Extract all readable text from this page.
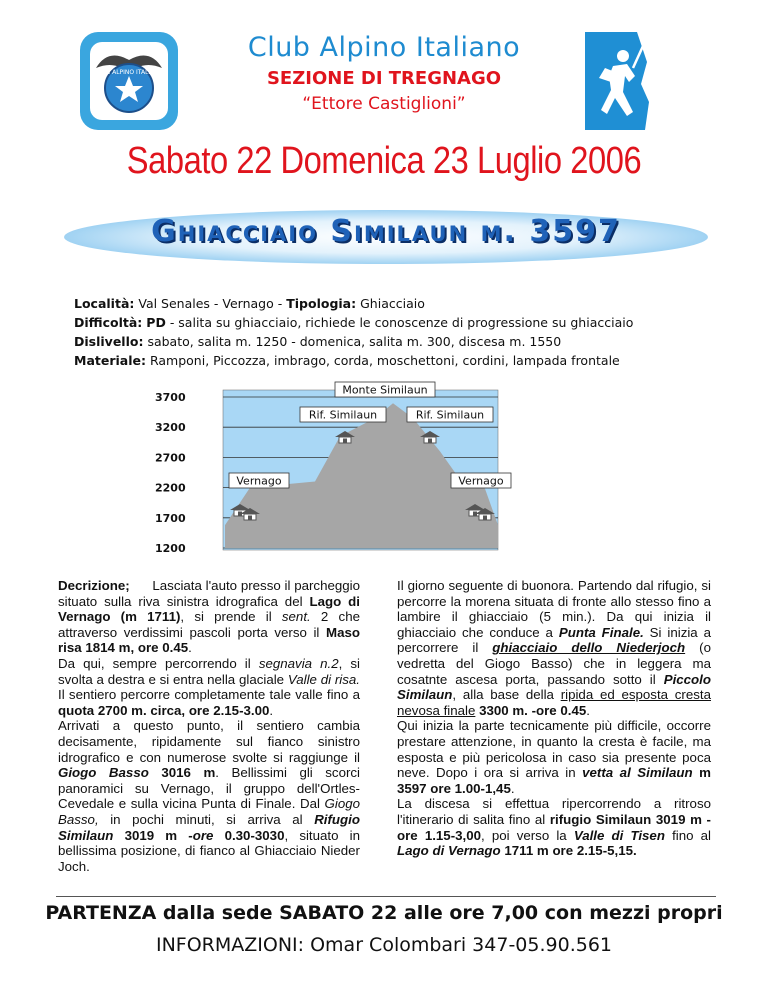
CLUB ALPINO ITALIANO
Club Alpino Italiano
SEZIONE DI TREGNAGO
“Ettore Castiglioni”
Sabato 22 Domenica 23 Luglio 2006
Ghiacciaio Similaun m. 3597
Località: Val Senales - Vernago - Tipologia: Ghiacciaio
Difficoltà: PD - salita su ghiacciaio, richiede le conoscenze di progressione su ghiacciaio
Dislivello: sabato, salita m. 1250 - domenica, salita m. 300, discesa m. 1550
Materiale: Ramponi, Piccozza, imbrago, corda, moschettoni, cordini, lampada frontale
3700
3200
2700
2200
1700
1200
Monte Similaun
Rif. Similaun	Rif. Similaun
Vernago	Vernago

Decrizione; Lasciata l'auto presso il parcheggio situato sulla riva sinistra idrografica del Lago di Vernago (m 1711), si prende il sent. 2 che attraverso verdissimi pascoli porta verso il Maso risa 1814 m, ore 0.45.

Da qui, sempre percorrendo il segnavia n.2, si svolta a destra e si entra nella glaciale Valle di risa. Il sentiero percorre completamente tale valle fino a quota 2700 m. circa, ore 2.15-3.00.

Arrivati a questo punto, il sentiero cambia decisamente, ripidamente sul fianco sinistro idrografico e con numerose svolte si raggiunge il Giogo Basso 3016 m. Bellissimi gli scorci panoramici su Vernago, il gruppo dell'Ortles-Cevedale e sulla vicina Punta di Finale. Dal Giogo Basso, in pochi minuti, si arriva al Rifugio Similaun 3019 m -ore 0.30-3030, situato in bellissima posizione, di fianco al Ghiacciaio Nieder Joch.

Il giorno seguente di buonora. Partendo dal rifugio, si percorre la morena situata di fronte allo stesso fino a lambire il ghiacciaio (5 min.). Da qui inizia il ghiacciaio che conduce a Punta Finale. Si inizia a percorrere il ghiacciaio dello Niederjoch (o vedretta del Giogo Basso) che in leggera ma cosatnte ascesa porta, passando sotto il Piccolo Similaun, alla base della ripida ed esposta cresta nevosa finale 3300 m. -ore 0.45.

Qui inizia la parte tecnicamente più difficile, occorre prestare attenzione, in quanto la cresta è facile, ma esposta e più pericolosa in caso sia presente poca neve. Dopo i ora si arriva in vetta al Similaun m 3597 ore 1.00-1,45.

La discesa si effettua ripercorrendo a ritroso l'itinerario di salita fino al rifugio Similaun 3019 m -ore 1.15-3,00, poi verso la Valle di Tisen fino al Lago di Vernago 1711 m ore 2.15-5,15.

PARTENZA dalla sede SABATO 22 alle ore 7,00 con mezzi propri
INFORMAZIONI: Omar Colombari 347-05.90.561
